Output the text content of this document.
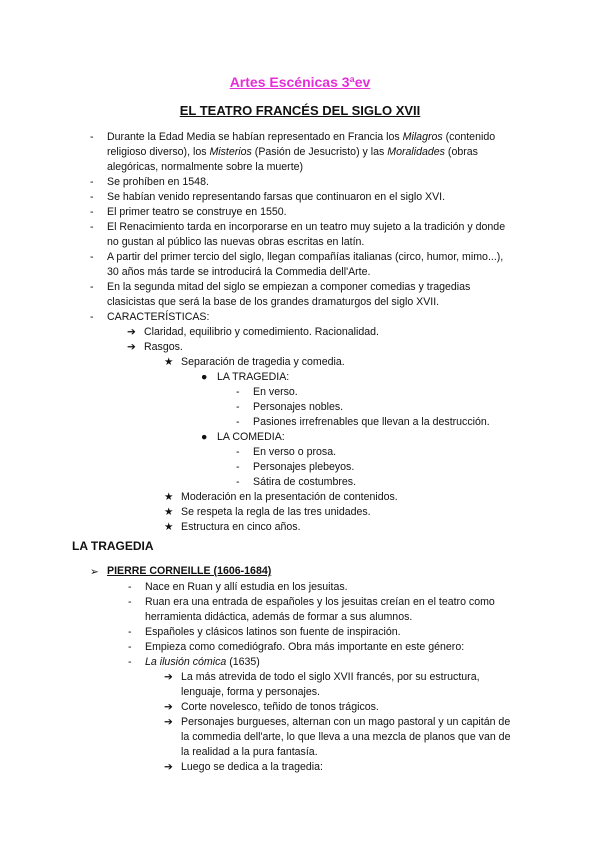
Artes Escénicas 3ªev
EL TEATRO FRANCÉS DEL SIGLO XVII
- Durante la Edad Media se habían representado en Francia los Milagros (contenido
religioso diverso), los Misterios (Pasión de Jesucristo) y las Moralidades (obras
alegóricas, normalmente sobre la muerte)
- Se prohíben en 1548.
- Se habían venido representando farsas que continuaron en el siglo XVI.
- El primer teatro se construye en 1550.
- El Renacimiento tarda en incorporarse en un teatro muy sujeto a la tradición y donde
no gustan al público las nuevas obras escritas en latín.
- A partir del primer tercio del siglo, llegan compañías italianas (circo, humor, mimo...),
30 años más tarde se introducirá la Commedia dell'Arte.
- En la segunda mitad del siglo se empiezan a componer comedias y tragedias
clasicistas que será la base de los grandes dramaturgos del siglo XVII.
- CARACTERÍSTICAS:
➔ Claridad, equilibrio y comedimiento. Racionalidad.
➔ Rasgos.
★ Separación de tragedia y comedia.
● LA TRAGEDIA:
- En verso.
- Personajes nobles.
- Pasiones irrefrenables que llevan a la destrucción.
● LA COMEDIA:
- En verso o prosa.
- Personajes plebeyos.
- Sátira de costumbres.
★ Moderación en la presentación de contenidos.
★ Se respeta la regla de las tres unidades.
★ Estructura en cinco años.
LA TRAGEDIA
➢ PIERRE CORNEILLE (1606-1684)
- Nace en Ruan y allí estudia en los jesuitas.
- Ruan era una entrada de españoles y los jesuitas creían en el teatro como
herramienta didáctica, además de formar a sus alumnos.
- Españoles y clásicos latinos son fuente de inspiración.
- Empieza como comediógrafo. Obra más importante en este género:
- La ilusión cómica (1635)
➔ La más atrevida de todo el siglo XVII francés, por su estructura,
lenguaje, forma y personajes.
➔ Corte novelesco, teñido de tonos trágicos.
➔ Personajes burgueses, alternan con un mago pastoral y un capitán de
la commedia dell'arte, lo que lleva a una mezcla de planos que van de
la realidad a la pura fantasía.
➔ Luego se dedica a la tragedia:
